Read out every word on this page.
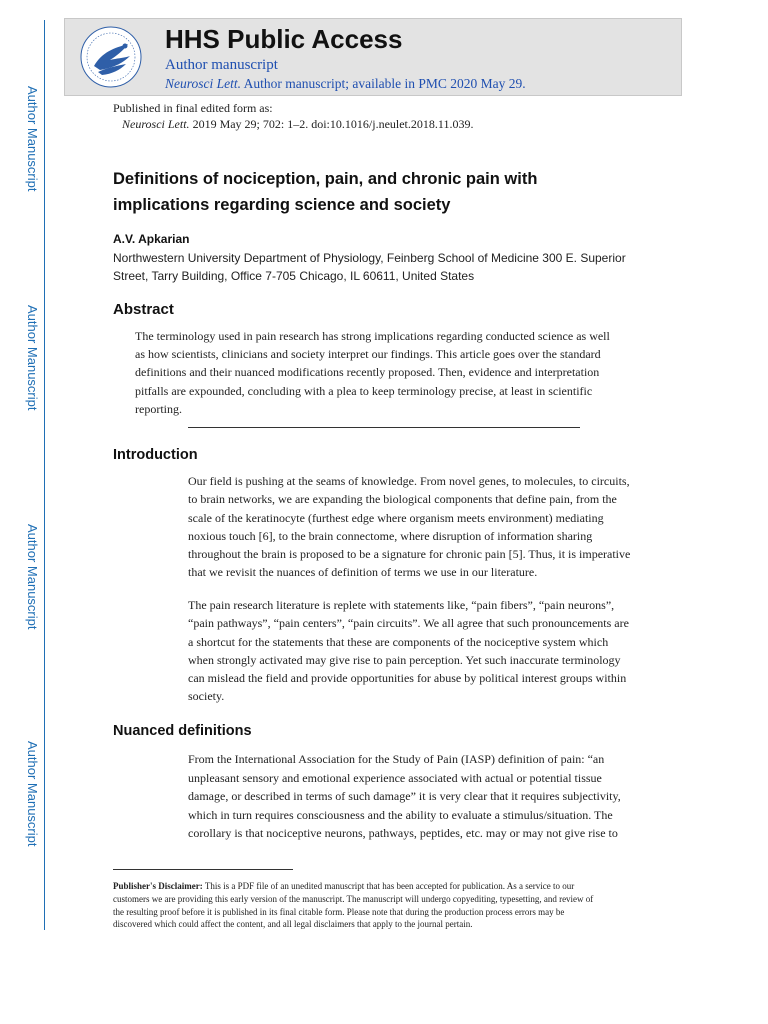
Author Manuscript
Author Manuscript
Author Manuscript
Author Manuscript
HHS Public Access
Author manuscript
Neurosci Lett. Author manuscript; available in PMC 2020 May 29.
Published in final edited form as:
Neurosci Lett. 2019 May 29; 702: 1–2. doi:10.1016/j.neulet.2018.11.039.
Definitions of nociception, pain, and chronic pain with
implications regarding science and society
A.V. Apkarian
Northwestern University Department of Physiology, Feinberg School of Medicine 300 E. Superior
Street, Tarry Building, Office 7-705 Chicago, IL 60611, United States
Abstract
The terminology used in pain research has strong implications regarding conducted science as well
as how scientists, clinicians and society interpret our findings. This article goes over the standard
definitions and their nuanced modifications recently proposed. Then, evidence and interpretation
pitfalls are expounded, concluding with a plea to keep terminology precise, at least in scientific
reporting.
Introduction
Our field is pushing at the seams of knowledge. From novel genes, to molecules, to circuits,
to brain networks, we are expanding the biological components that define pain, from the
scale of the keratinocyte (furthest edge where organism meets environment) mediating
noxious touch [6], to the brain connectome, where disruption of information sharing
throughout the brain is proposed to be a signature for chronic pain [5]. Thus, it is imperative
that we revisit the nuances of definition of terms we use in our literature.
The pain research literature is replete with statements like, “pain fibers”, “pain neurons”,
“pain pathways”, “pain centers”, “pain circuits”. We all agree that such pronouncements are
a shortcut for the statements that these are components of the nociceptive system which
when strongly activated may give rise to pain perception. Yet such inaccurate terminology
can mislead the field and provide opportunities for abuse by political interest groups within
society.
Nuanced definitions
From the International Association for the Study of Pain (IASP) definition of pain: “an
unpleasant sensory and emotional experience associated with actual or potential tissue
damage, or described in terms of such damage” it is very clear that it requires subjectivity,
which in turn requires consciousness and the ability to evaluate a stimulus/situation. The
corollary is that nociceptive neurons, pathways, peptides, etc. may or may not give rise to
Publisher's Disclaimer: This is a PDF file of an unedited manuscript that has been accepted for publication. As a service to our
customers we are providing this early version of the manuscript. The manuscript will undergo copyediting, typesetting, and review of
the resulting proof before it is published in its final citable form. Please note that during the production process errors may be
discovered which could affect the content, and all legal disclaimers that apply to the journal pertain.
